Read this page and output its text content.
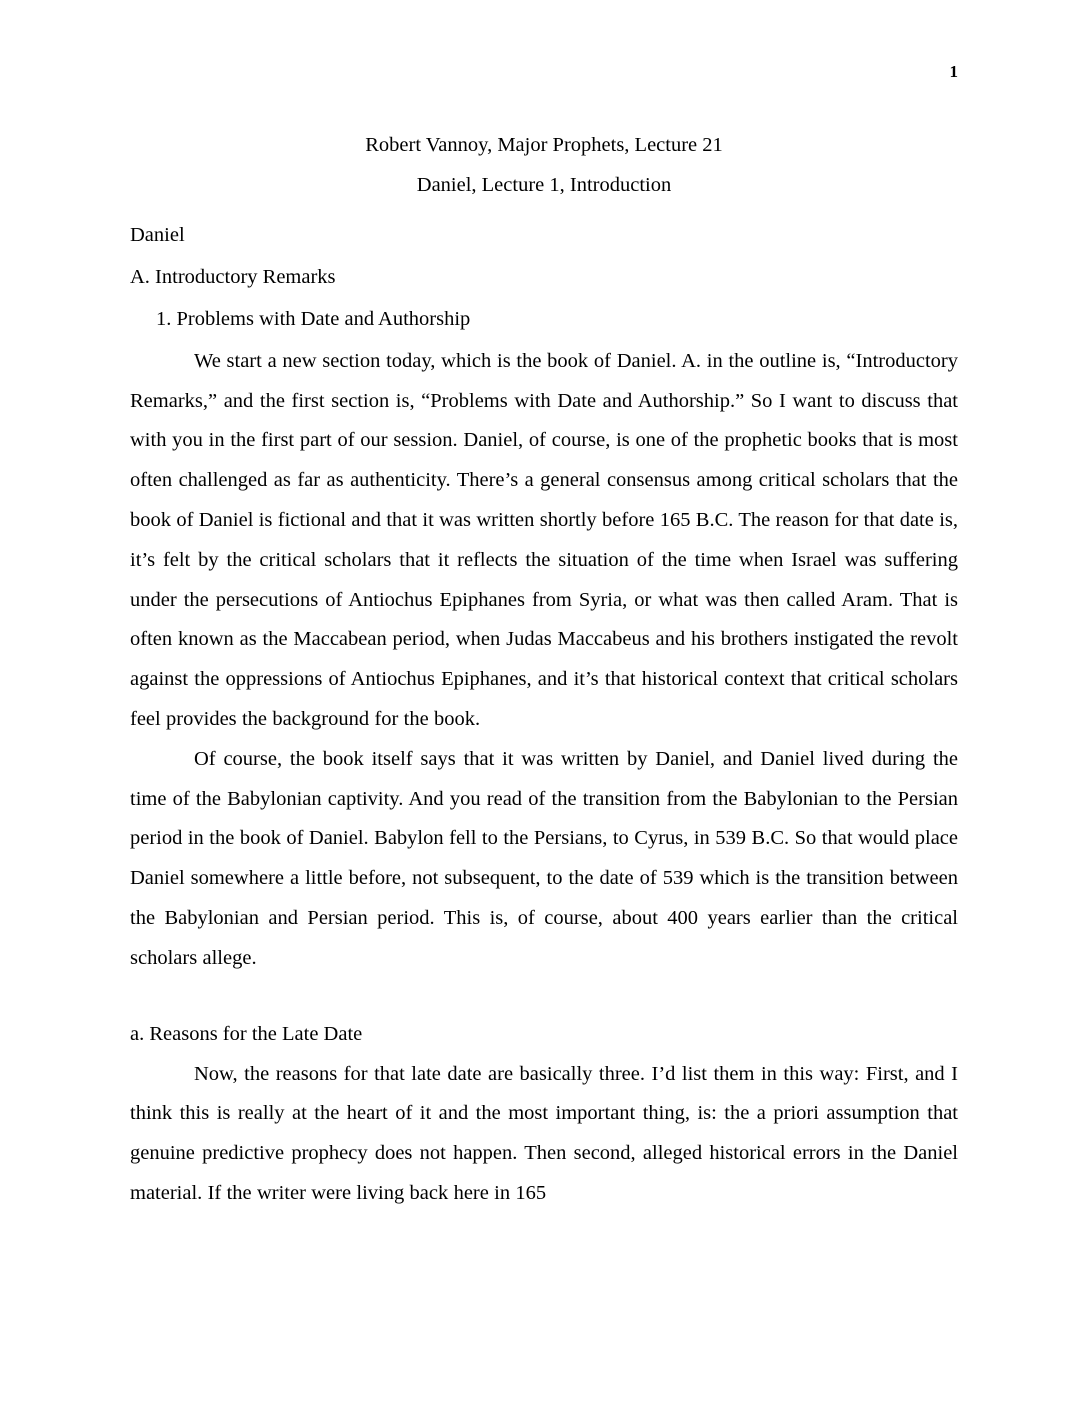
1
Robert Vannoy, Major Prophets, Lecture 21
Daniel, Lecture 1, Introduction
Daniel
A. Introductory Remarks
1. Problems with Date and Authorship

We start a new section today, which is the book of Daniel. A. in the outline is, “Introductory Remarks,” and the first section is, “Problems with Date and Authorship.” So I want to discuss that with you in the first part of our session. Daniel, of course, is one of the prophetic books that is most often challenged as far as authenticity. There’s a general consensus among critical scholars that the book of Daniel is fictional and that it was written shortly before 165 B.C. The reason for that date is, it’s felt by the critical scholars that it reflects the situation of the time when Israel was suffering under the persecutions of Antiochus Epiphanes from Syria, or what was then called Aram. That is often known as the Maccabean period, when Judas Maccabeus and his brothers instigated the revolt against the oppressions of Antiochus Epiphanes, and it’s that historical context that critical scholars feel provides the background for the book.

Of course, the book itself says that it was written by Daniel, and Daniel lived during the time of the Babylonian captivity. And you read of the transition from the Babylonian to the Persian period in the book of Daniel. Babylon fell to the Persians, to Cyrus, in 539 B.C. So that would place Daniel somewhere a little before, not subsequent, to the date of 539 which is the transition between the Babylonian and Persian period. This is, of course, about 400 years earlier than the critical scholars allege.

a. Reasons for the Late Date

Now, the reasons for that late date are basically three. I’d list them in this way: First, and I think this is really at the heart of it and the most important thing, is: the a priori assumption that genuine predictive prophecy does not happen. Then second, alleged historical errors in the Daniel material. If the writer were living back here in 165
